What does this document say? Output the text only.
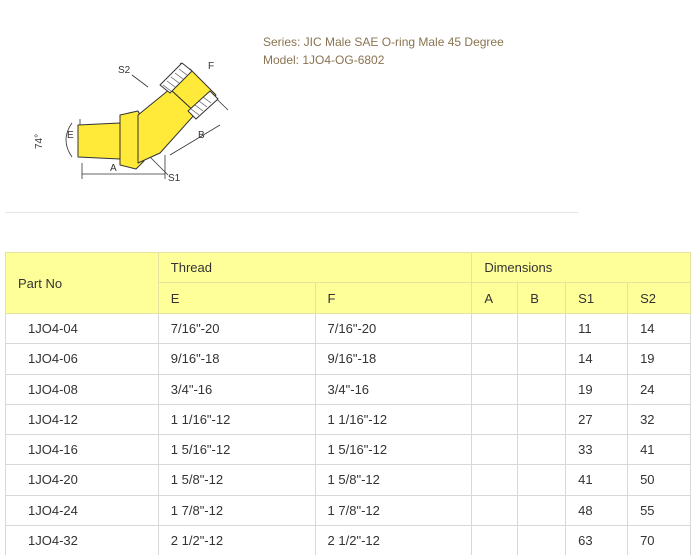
S2	F
E
74°
A
B
S1
Series: JIC Male SAE O-ring Male 45 Degree
Model: 1JO4-OG-6802
Part No	Thread		Dimensions			
	E	F	A	B	S1	S2
1JO4-04	7/16"-20	7/16"-20			11	14
1JO4-06	9/16"-18	9/16"-18			14	19
1JO4-08	3/4"-16	3/4"-16			19	24
1JO4-12	1 1/16"-12	1 1/16"-12			27	32
1JO4-16	1 5/16"-12	1 5/16"-12			33	41
1JO4-20	1 5/8"-12	1 5/8"-12			41	50
1JO4-24	1 7/8"-12	1 7/8"-12			48	55
1JO4-32	2 1/2"-12	2 1/2"-12			63	70
